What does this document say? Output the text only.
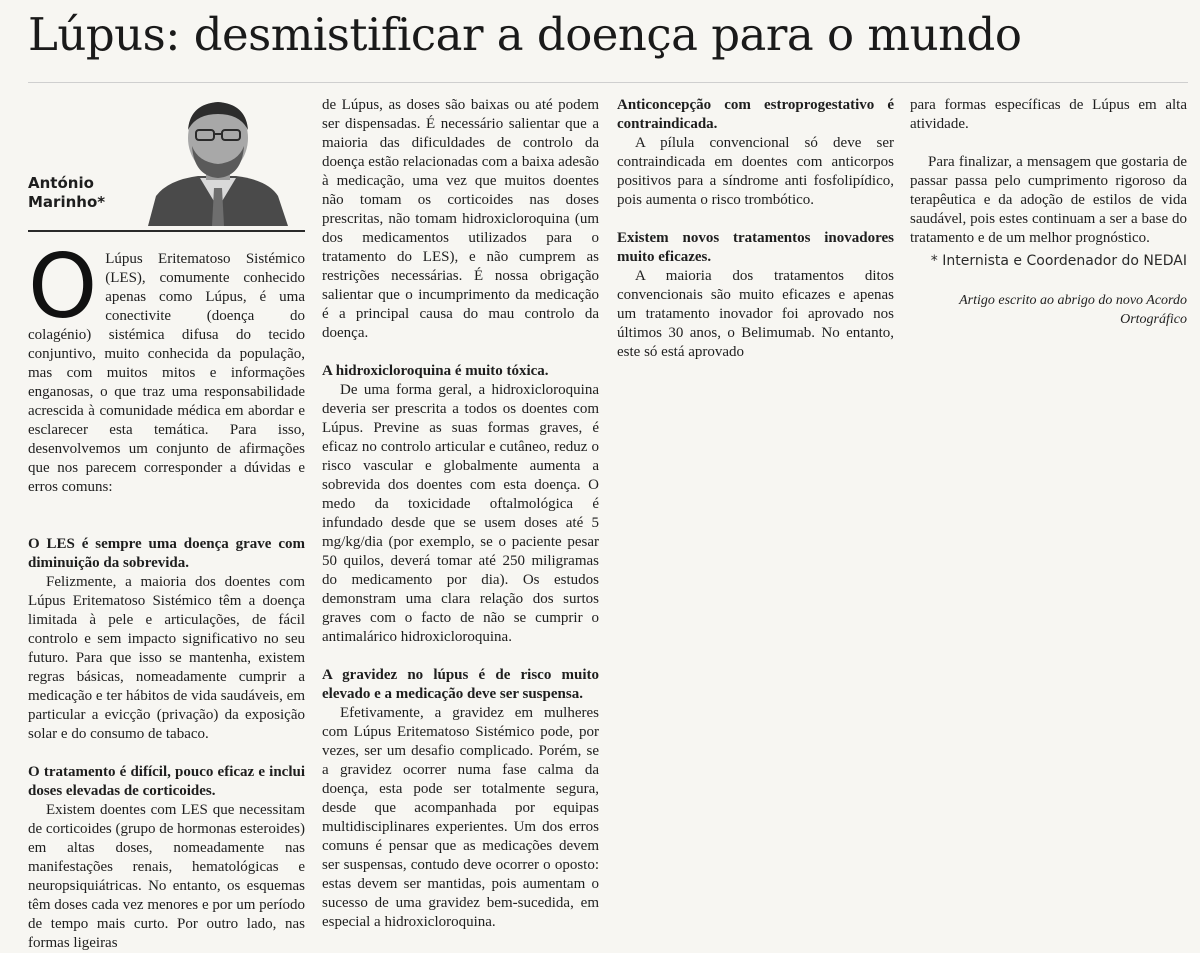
Lúpus: desmistificar a doença para o mundo
António
Marinho*
O Lúpus Eritematoso Sistémico (LES), comumente conhecido apenas como Lúpus, é uma conectivite (doença do colagénio) sistémica difusa do tecido conjuntivo, muito conhecida da população, mas com muitos mitos e informações enganosas, o que traz uma responsabilidade acrescida à comunidade médica em abordar e esclarecer esta temática. Para isso, desenvolvemos um conjunto de afirmações que nos parecem corresponder a dúvidas e erros comuns:

O LES é sempre uma doença grave com diminuição da sobrevida.

Felizmente, a maioria dos doentes com Lúpus Eritematoso Sistémico têm a doença limitada à pele e articulações, de fácil controlo e sem impacto significativo no seu futuro. Para que isso se mantenha, existem regras básicas, nomeadamente cumprir a medicação e ter hábitos de vida saudáveis, em particular a evicção (privação) da exposição solar e do consumo de tabaco.

O tratamento é difícil, pouco eficaz e inclui doses elevadas de corticoides.

Existem doentes com LES que necessitam de corticoides (grupo de hormonas esteroides) em altas doses, nomeadamente nas manifestações renais, hematológicas e neuropsiquiátricas. No entanto, os esquemas têm doses cada vez menores e por um período de tempo mais curto. Por outro lado, nas formas ligeiras

de Lúpus, as doses são baixas ou até podem ser dispensadas. É necessário salientar que a maioria das dificuldades de controlo da doença estão relacionadas com a baixa adesão à medicação, uma vez que muitos doentes não tomam os corticoides nas doses prescritas, não tomam hidroxicloroquina (um dos medicamentos utilizados para o tratamento do LES), e não cumprem as restrições necessárias. É nossa obrigação salientar que o incumprimento da medicação é a principal causa do mau controlo da doença.

A hidroxicloroquina é muito tóxica.

De uma forma geral, a hidroxicloroquina deveria ser prescrita a todos os doentes com Lúpus. Previne as suas formas graves, é eficaz no controlo articular e cutâneo, reduz o risco vascular e globalmente aumenta a sobrevida dos doentes com esta doença. O medo da toxicidade oftalmológica é infundado desde que se usem doses até 5 mg/kg/dia (por exemplo, se o paciente pesar 50 quilos, deverá tomar até 250 miligramas do medicamento por dia). Os estudos demonstram uma clara relação dos surtos graves com o facto de não se cumprir o antimalárico hidroxicloroquina.

A gravidez no lúpus é de risco muito elevado e a medicação deve ser suspensa.

Efetivamente, a gravidez em mulheres com Lúpus Eritematoso Sistémico pode, por vezes, ser um desafio complicado. Porém, se a gravidez ocorrer numa fase calma da doença, esta pode ser totalmente segura, desde que acompanhada por equipas multidisciplinares experientes. Um dos erros comuns é pensar que as medicações devem ser suspensas, contudo deve ocorrer o oposto: estas devem ser mantidas, pois aumentam o sucesso de uma gravidez bem-sucedida, em especial a hidroxicloroquina.

Anticoncepção com estroprogestativo é contraindicada.

A pílula convencional só deve ser contraindicada em doentes com anticorpos positivos para a síndrome anti fosfolipídico, pois aumenta o risco trombótico.

Existem novos tratamentos inovadores muito eficazes.

A maioria dos tratamentos ditos convencionais são muito eficazes e apenas um tratamento inovador foi aprovado nos últimos 30 anos, o Belimumab. No entanto, este só está aprovado

para formas específicas de Lúpus em alta atividade.

Para finalizar, a mensagem que gostaria de passar passa pelo cumprimento rigoroso da terapêutica e da adoção de estilos de vida saudável, pois estes continuam a ser a base do tratamento e de um melhor prognóstico.

* Internista e Coordenador do NEDAI
Artigo escrito ao abrigo do novo Acordo Ortográfico
